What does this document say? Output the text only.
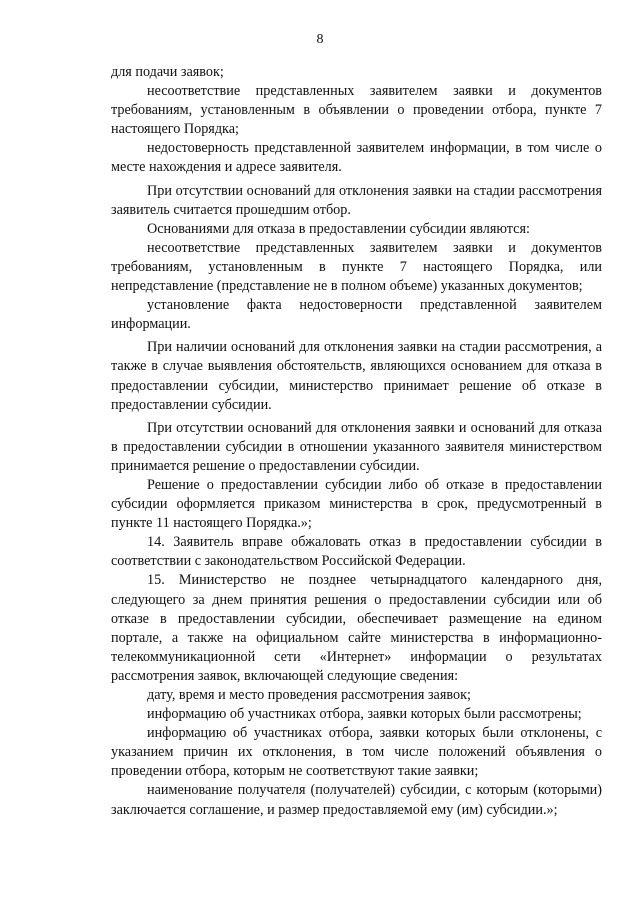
8

для подачи заявок;

несоответствие представленных заявителем заявки и документов требованиям, установленным в объявлении о проведении отбора, пункте 7 настоящего Порядка;

недостоверность представленной заявителем информации, в том числе о месте нахождения и адресе заявителя.

При отсутствии оснований для отклонения заявки на стадии рассмотрения заявитель считается прошедшим отбор.

Основаниями для отказа в предоставлении субсидии являются:

несоответствие представленных заявителем заявки и документов требованиям, установленным в пункте 7 настоящего Порядка, или непредставление (представление не в полном объеме) указанных документов;

установление факта недостоверности представленной заявителем информации.

При наличии оснований для отклонения заявки на стадии рассмотрения, а также в случае выявления обстоятельств, являющихся основанием для отказа в предоставлении субсидии, министерство принимает решение об отказе в предоставлении субсидии.

При отсутствии оснований для отклонения заявки и оснований для отказа в предоставлении субсидии в отношении указанного заявителя министерством принимается решение о предоставлении субсидии.

Решение о предоставлении субсидии либо об отказе в предоставлении субсидии оформляется приказом министерства в срок, предусмотренный в пункте 11 настоящего Порядка.»;

14. Заявитель вправе обжаловать отказ в предоставлении субсидии в соответствии с законодательством Российской Федерации.

15. Министерство не позднее четырнадцатого календарного дня, следующего за днем принятия решения о предоставлении субсидии или об отказе в предоставлении субсидии, обеспечивает размещение на едином портале, а также на официальном сайте министерства в информационно-телекоммуникационной сети «Интернет» информации о результатах рассмотрения заявок, включающей следующие сведения:

дату, время и место проведения рассмотрения заявок;

информацию об участниках отбора, заявки которых были рассмотрены;

информацию об участниках отбора, заявки которых были отклонены, с указанием причин их отклонения, в том числе положений объявления о проведении отбора, которым не соответствуют такие заявки;

наименование получателя (получателей) субсидии, с которым (которыми) заключается соглашение, и размер предоставляемой ему (им) субсидии.»;
